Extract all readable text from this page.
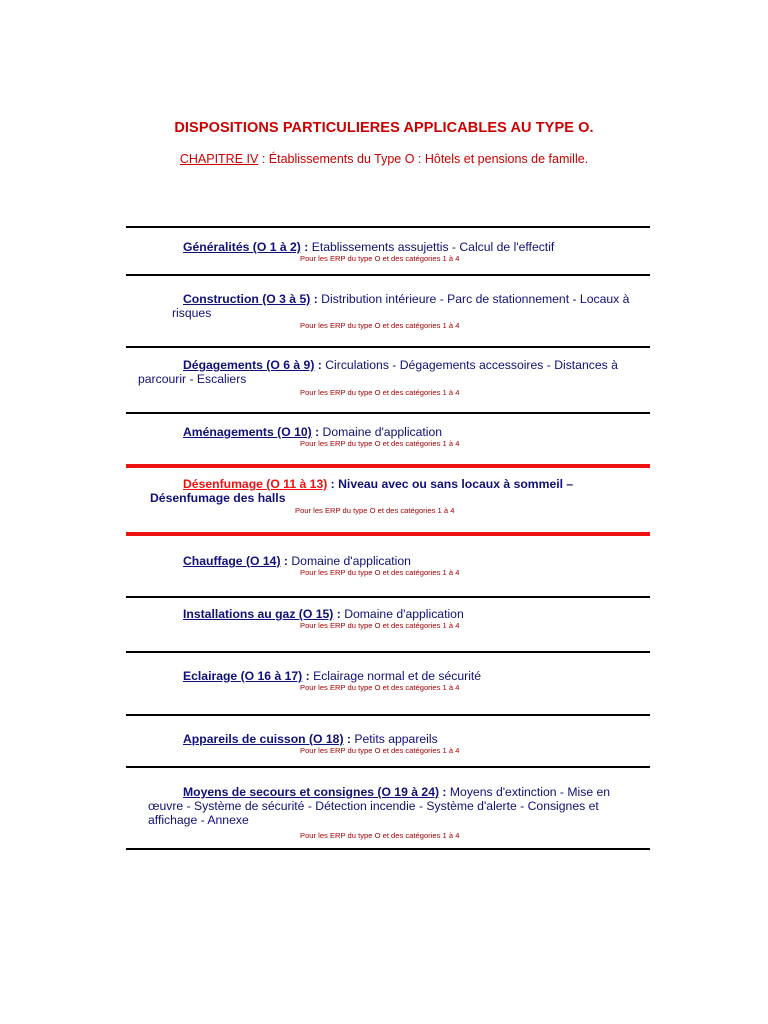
DISPOSITIONS PARTICULIERES APPLICABLES AU TYPE O.
CHAPITRE IV : Établissements du Type O : Hôtels et pensions de famille.
Généralités (O 1 à 2) : Etablissements assujettis - Calcul de l'effectif
Pour les ERP du type O et des catégories 1 à 4
Construction (O 3 à 5) : Distribution intérieure - Parc de stationnement - Locaux à
risques
Pour les ERP du type O et des catégories 1 à 4
Dégagements (O 6 à 9) : Circulations - Dégagements accessoires - Distances à
parcourir - Escaliers
Pour les ERP du type O et des catégories 1 à 4
Aménagements (O 10) : Domaine d'application
Pour les ERP du type O et des catégories 1 à 4
Désenfumage (O 11 à 13) : Niveau avec ou sans locaux à sommeil –
Désenfumage des halls
Pour les ERP du type O et des catégories 1 à 4
Chauffage (O 14) : Domaine d'application
Pour les ERP du type O et des catégories 1 à 4
Installations au gaz (O 15) : Domaine d'application
Pour les ERP du type O et des catégories 1 à 4
Eclairage (O 16 à 17) : Eclairage normal et de sécurité
Pour les ERP du type O et des catégories 1 à 4
Appareils de cuisson (O 18) : Petits appareils
Pour les ERP du type O et des catégories 1 à 4
Moyens de secours et consignes (O 19 à 24) : Moyens d'extinction - Mise en
œuvre - Système de sécurité - Détection incendie - Système d'alerte - Consignes et
affichage - Annexe
Pour les ERP du type O et des catégories 1 à 4
